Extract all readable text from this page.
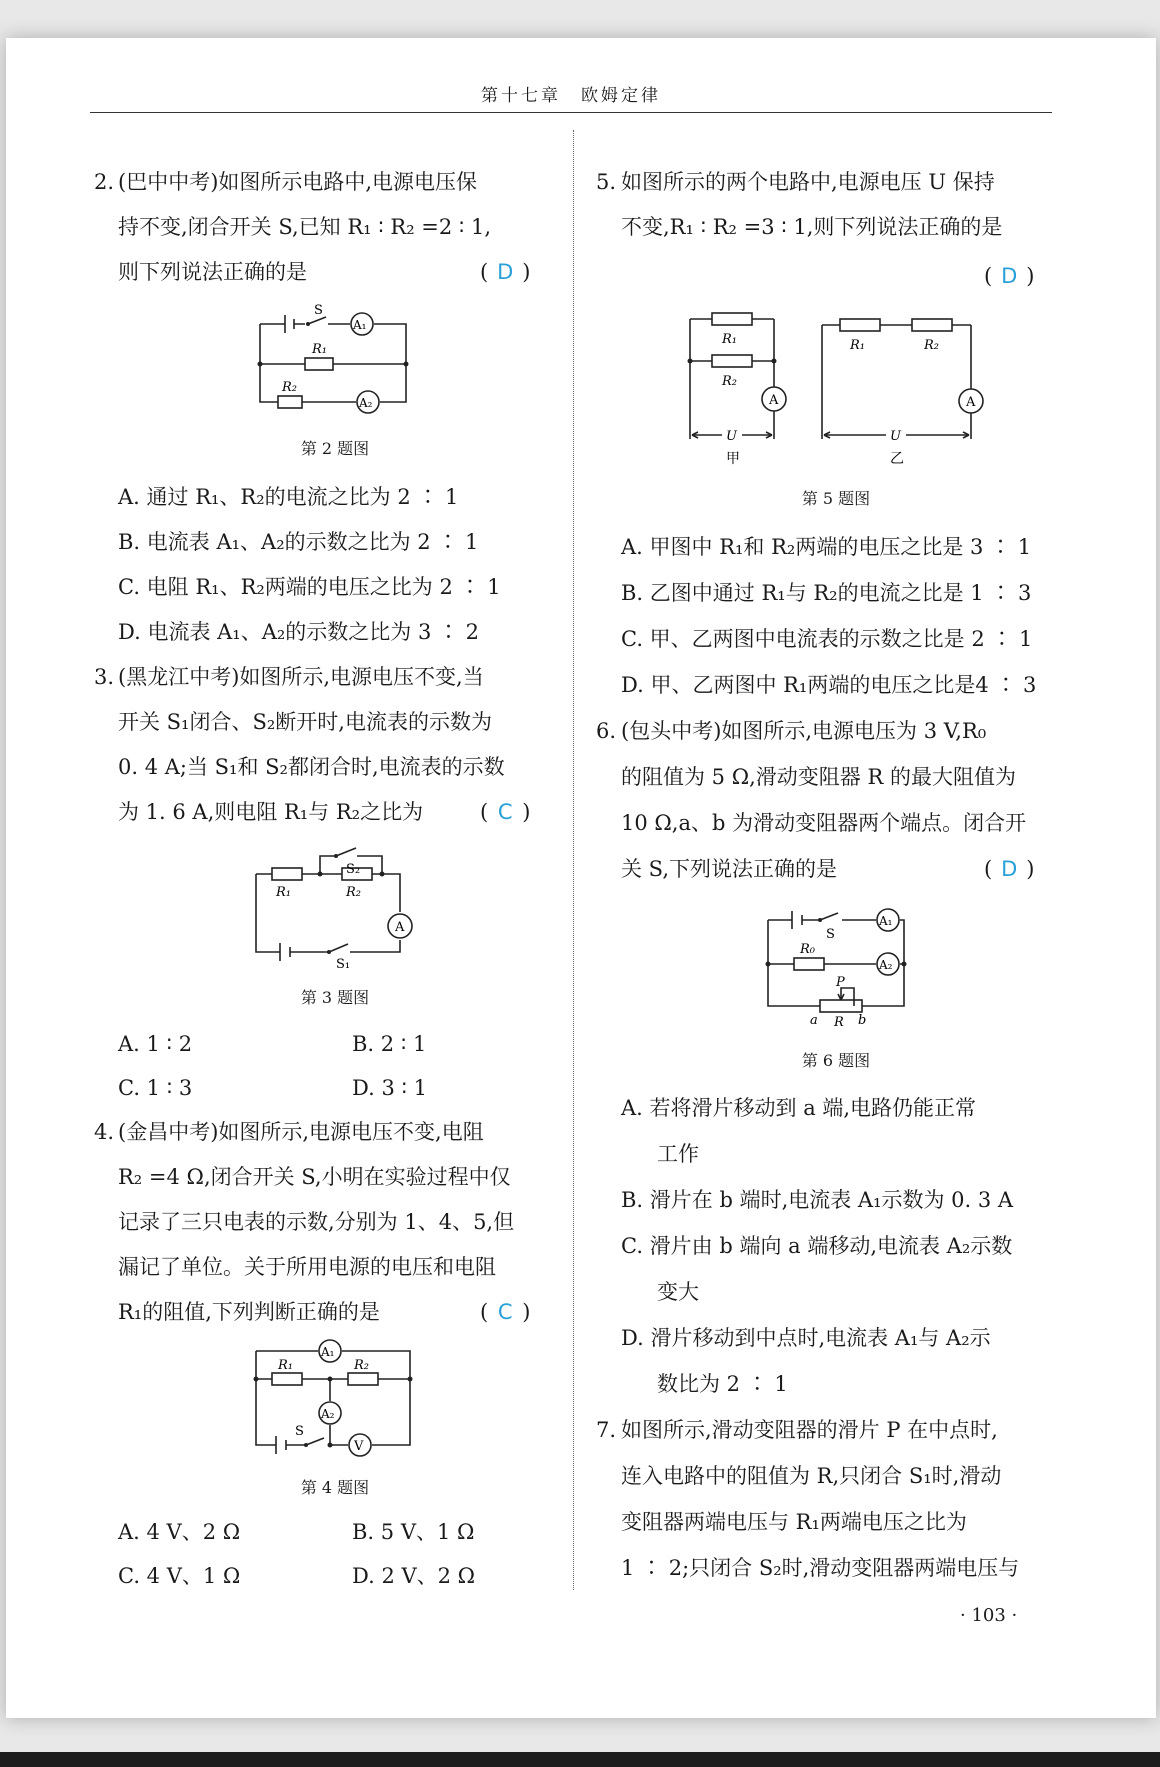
第十七章　欧姆定律
2. (巴中中考)如图所示电路中,电源电压保
持不变,闭合开关 S,已知 R₁ ∶ R₂ =2 ∶ 1,
则下列说法正确的是	( D )
S
A₁
R₁
R₂
A₂
第 2 题图
A. 通过 R₁、R₂的电流之比为 2 ∶ 1
B. 电流表 A₁、A₂的示数之比为 2 ∶ 1
C. 电阻 R₁、R₂两端的电压之比为 2 ∶ 1
D. 电流表 A₁、A₂的示数之比为 3 ∶ 2
3. (黑龙江中考)如图所示,电源电压不变,当
开关 S₁闭合、S₂断开时,电流表的示数为
0. 4 A;当 S₁和 S₂都闭合时,电流表的示数
为 1. 6 A,则电阻 R₁与 R₂之比为	( C )
S₂
R₁	R₂
A
S₁
第 3 题图
A. 1 ∶ 2	B. 2 ∶ 1
C. 1 ∶ 3	D. 3 ∶ 1
4. (金昌中考)如图所示,电源电压不变,电阻
R₂ =4 Ω,闭合开关 S,小明在实验过程中仅
记录了三只电表的示数,分别为 1、4、5,但
漏记了单位。关于所用电源的电压和电阻
R₁的阻值,下列判断正确的是	( C )
A₁
R₁	R₂
A₂
V
S
第 4 题图
A. 4 V、2 Ω	B. 5 V、1 Ω
C. 4 V、1 Ω	D. 2 V、2 Ω
5. 如图所示的两个电路中,电源电压 U 保持
不变,R₁ ∶ R₂ =3 ∶ 1,则下列说法正确的是
( D )
R₁
R₂
A
U
甲
R₁	R₂
A
U
乙
第 5 题图
A. 甲图中 R₁和 R₂两端的电压之比是 3 ∶ 1
B. 乙图中通过 R₁与 R₂的电流之比是 1 ∶ 3
C. 甲、乙两图中电流表的示数之比是 2 ∶ 1
D. 甲、乙两图中 R₁两端的电压之比是4 ∶ 3
6. (包头中考)如图所示,电源电压为 3 V,R₀
的阻值为 5 Ω,滑动变阻器 R 的最大阻值为
10 Ω,a、b 为滑动变阻器两个端点。闭合开
关 S,下列说法正确的是	( D )
S
A₁
R₀
A₂
P
a R b
第 6 题图
A. 若将滑片移动到 a 端,电路仍能正常
工作
B. 滑片在 b 端时,电流表 A₁示数为 0. 3 A
C. 滑片由 b 端向 a 端移动,电流表 A₂示数
变大
D. 滑片移动到中点时,电流表 A₁与 A₂示
数比为 2 ∶ 1
7. 如图所示,滑动变阻器的滑片 P 在中点时,
连入电路中的阻值为 R,只闭合 S₁时,滑动
变阻器两端电压与 R₁两端电压之比为
1 ∶ 2;只闭合 S₂时,滑动变阻器两端电压与
· 103 ·
